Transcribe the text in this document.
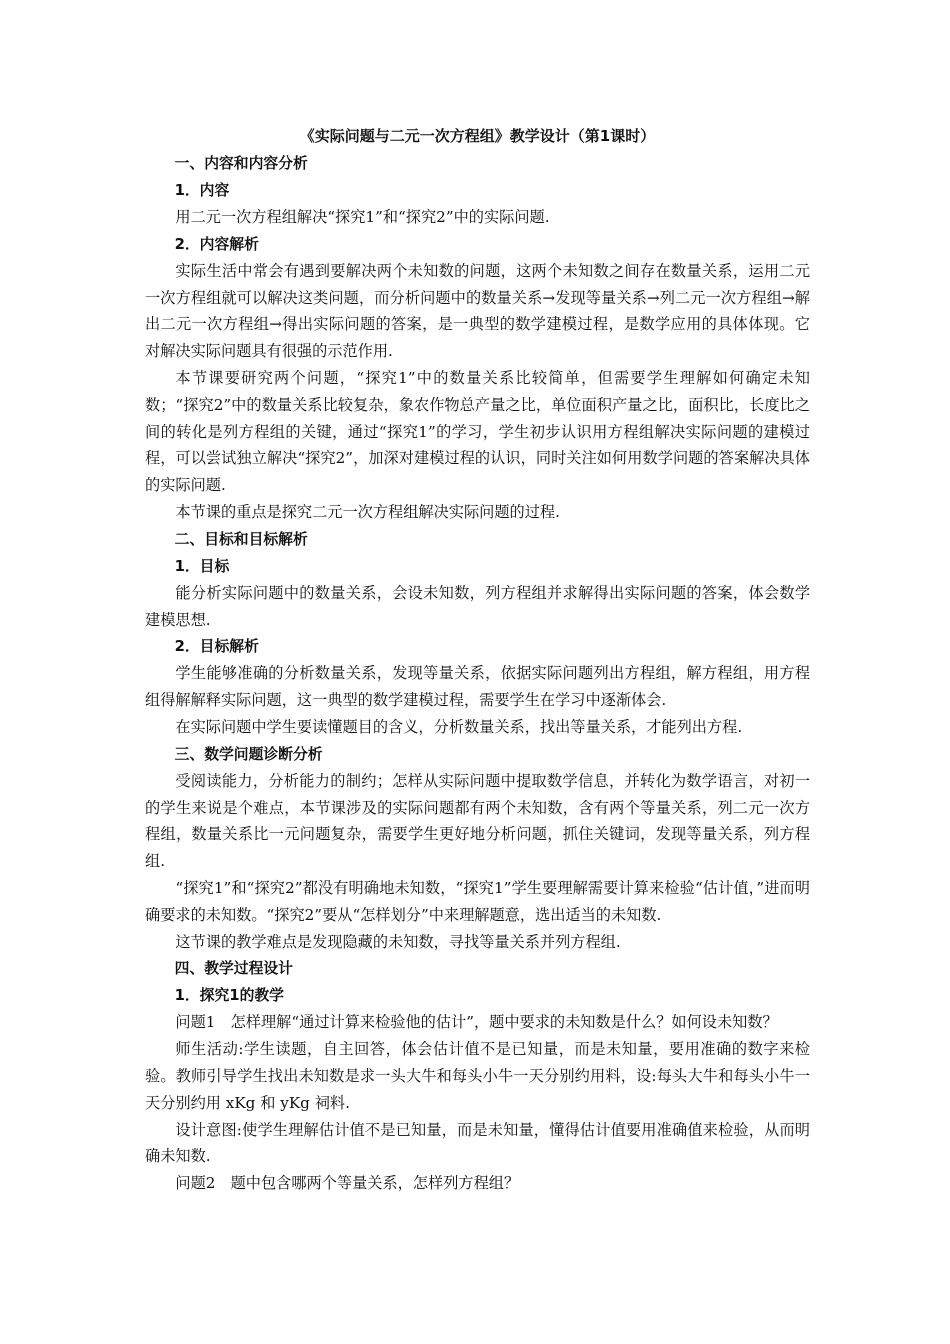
《实际问题与二元一次方程组》教学设计（第1课时）
一、内容和内容分析
1．内容
用二元一次方程组解决“探究1”和“探究2”中的实际问题.
2．内容解析
实际生活中常会有遇到要解决两个未知数的问题，这两个未知数之间存在数量关系，运用二元一次方程组就可以解决这类问题，而分析问题中的数量关系→发现等量关系→列二元一次方程组→解出二元一次方程组→得出实际问题的答案，是一典型的数学建模过程，是数学应用的具体体现。它对解决实际问题具有很强的示范作用.
本节课要研究两个问题，“探究1”中的数量关系比较简单，但需要学生理解如何确定未知数；“探究2”中的数量关系比较复杂，象农作物总产量之比，单位面积产量之比，面积比，长度比之间的转化是列方程组的关键，通过“探究1”的学习，学生初步认识用方程组解决实际问题的建模过程，可以尝试独立解决“探究2”，加深对建模过程的认识，同时关注如何用数学问题的答案解决具体的实际问题.
本节课的重点是探究二元一次方程组解决实际问题的过程.
二、目标和目标解析
1．目标
能分析实际问题中的数量关系，会设未知数，列方程组并求解得出实际问题的答案，体会数学建模思想.
2．目标解析
学生能够准确的分析数量关系，发现等量关系，依据实际问题列出方程组，解方程组，用方程组得解解释实际问题，这一典型的数学建模过程，需要学生在学习中逐渐体会.
在实际问题中学生要读懂题目的含义，分析数量关系，找出等量关系，才能列出方程.
三、数学问题诊断分析
受阅读能力，分析能力的制约；怎样从实际问题中提取数学信息，并转化为数学语言，对初一的学生来说是个难点，本节课涉及的实际问题都有两个未知数，含有两个等量关系，列二元一次方程组，数量关系比一元问题复杂，需要学生更好地分析问题，抓住关键词，发现等量关系，列方程组.
“探究1”和“探究2”都没有明确地未知数，“探究1”学生要理解需要计算来检验“估计值，”进而明确要求的未知数。“探究2”要从“怎样划分”中来理解题意，选出适当的未知数.
这节课的教学难点是发现隐藏的未知数，寻找等量关系并列方程组.
四、教学过程设计
1．探究1的教学
问题1　怎样理解“通过计算来检验他的估计”，题中要求的未知数是什么？如何设未知数？
师生活动:学生读题，自主回答，体会估计值不是已知量，而是未知量，要用准确的数字来检验。教师引导学生找出未知数是求一头大牛和每头小牛一天分别约用料，设:每头大牛和每头小牛一天分别约用 xKg 和 yKg 祠料.
设计意图:使学生理解估计值不是已知量，而是未知量，懂得估计值要用准确值来检验，从而明确未知数.
问题2　题中包含哪两个等量关系，怎样列方程组？
